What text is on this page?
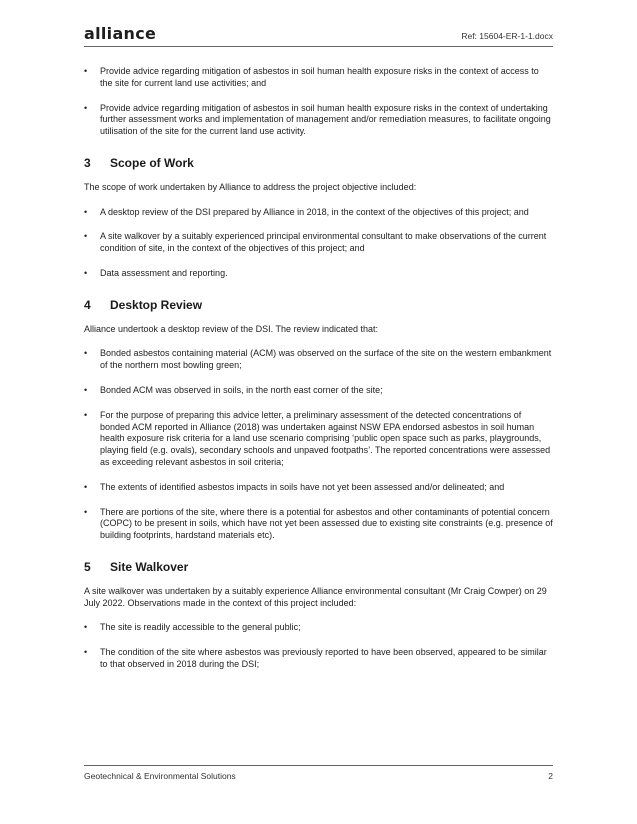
alliance	Ref: 15604-ER-1-1.docx
• Provide advice regarding mitigation of asbestos in soil human health exposure risks in the context of access to the site for current land use activities; and
• Provide advice regarding mitigation of asbestos in soil human health exposure risks in the context of undertaking further assessment works and implementation of management and/or remediation measures, to facilitate ongoing utilisation of the site for the current land use activity.
3	Scope of Work
The scope of work undertaken by Alliance to address the project objective included:
• A desktop review of the DSI prepared by Alliance in 2018, in the context of the objectives of this project; and
• A site walkover by a suitably experienced principal environmental consultant to make observations of the current condition of site, in the context of the objectives of this project; and
• Data assessment and reporting.
4	Desktop Review
Alliance undertook a desktop review of the DSI. The review indicated that:
• Bonded asbestos containing material (ACM) was observed on the surface of the site on the western embankment of the northern most bowling green;
• Bonded ACM was observed in soils, in the north east corner of the site;
• For the purpose of preparing this advice letter, a preliminary assessment of the detected concentrations of bonded ACM reported in Alliance (2018) was undertaken against NSW EPA endorsed asbestos in soil human health exposure risk criteria for a land use scenario comprising ‘public open space such as parks, playgrounds, playing field (e.g. ovals), secondary schools and unpaved footpaths’. The reported concentrations were assessed as exceeding relevant asbestos in soil criteria;
• The extents of identified asbestos impacts in soils have not yet been assessed and/or delineated; and
• There are portions of the site, where there is a potential for asbestos and other contaminants of potential concern (COPC) to be present in soils, which have not yet been assessed due to existing site constraints (e.g. presence of building footprints, hardstand materials etc).
5	Site Walkover
A site walkover was undertaken by a suitably experience Alliance environmental consultant (Mr Craig Cowper) on 29 July 2022. Observations made in the context of this project included:
• The site is readily accessible to the general public;
• The condition of the site where asbestos was previously reported to have been observed, appeared to be similar to that observed in 2018 during the DSI;
Geotechnical & Environmental Solutions	2
